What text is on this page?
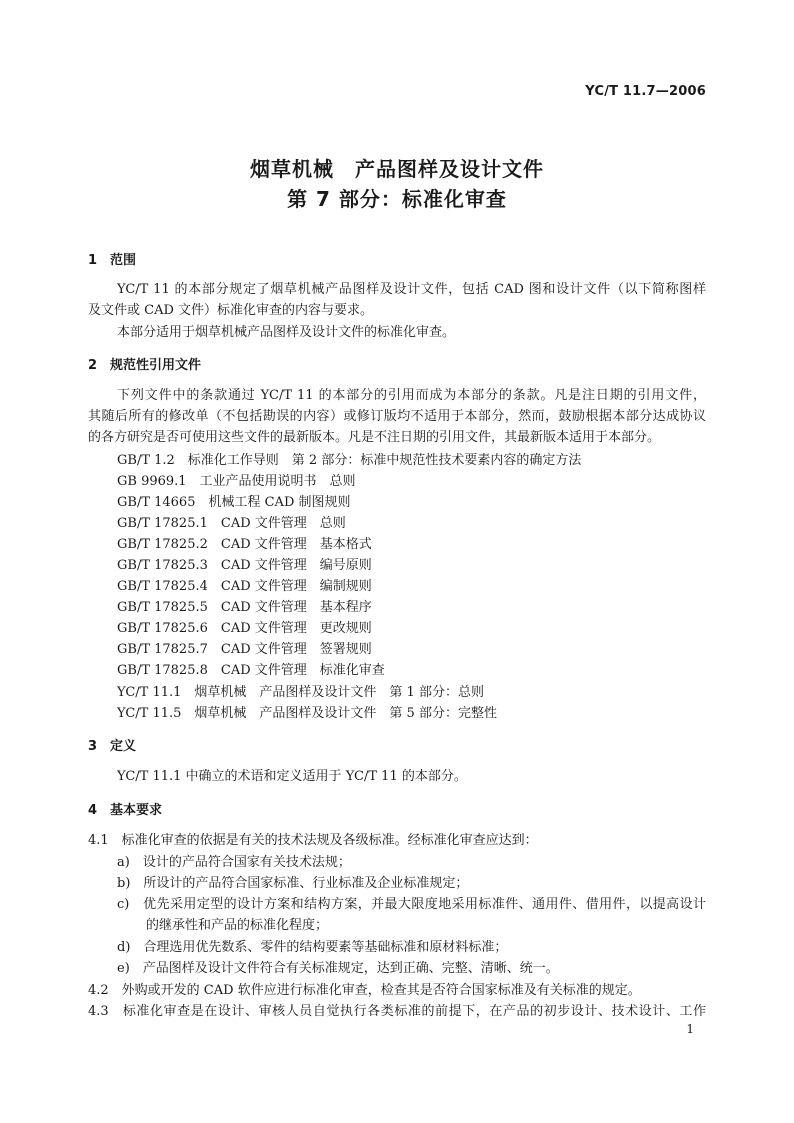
YC/T 11.7—2006
烟草机械　产品图样及设计文件
第 7 部分：标准化审查
1　范围
YC/T 11 的本部分规定了烟草机械产品图样及设计文件，包括 CAD 图和设计文件（以下简称图样
及文件或 CAD 文件）标准化审查的内容与要求。
本部分适用于烟草机械产品图样及设计文件的标准化审查。
2　规范性引用文件
下列文件中的条款通过 YC/T 11 的本部分的引用而成为本部分的条款。凡是注日期的引用文件，
其随后所有的修改单（不包括勘误的内容）或修订版均不适用于本部分，然而，鼓励根据本部分达成协议
的各方研究是否可使用这些文件的最新版本。凡是不注日期的引用文件，其最新版本适用于本部分。
GB/T 1.2　标准化工作导则　第 2 部分：标准中规范性技术要素内容的确定方法
GB 9969.1　工业产品使用说明书　总则
GB/T 14665　机械工程 CAD 制图规则
GB/T 17825.1　CAD 文件管理　总则
GB/T 17825.2　CAD 文件管理　基本格式
GB/T 17825.3　CAD 文件管理　编号原则
GB/T 17825.4　CAD 文件管理　编制规则
GB/T 17825.5　CAD 文件管理　基本程序
GB/T 17825.6　CAD 文件管理　更改规则
GB/T 17825.7　CAD 文件管理　签署规则
GB/T 17825.8　CAD 文件管理　标准化审查
YC/T 11.1　烟草机械　产品图样及设计文件　第 1 部分：总则
YC/T 11.5　烟草机械　产品图样及设计文件　第 5 部分：完整性
3　定义
YC/T 11.1 中确立的术语和定义适用于 YC/T 11 的本部分。
4　基本要求
4.1　标准化审查的依据是有关的技术法规及各级标准。经标准化审查应达到：
a)　设计的产品符合国家有关技术法规；
b)　所设计的产品符合国家标准、行业标准及企业标准规定；
c)　优先采用定型的设计方案和结构方案，并最大限度地采用标准件、通用件、借用件，以提高设计
的继承性和产品的标准化程度；
d)　合理选用优先数系、零件的结构要素等基础标准和原材料标准；
e)　产品图样及设计文件符合有关标准规定，达到正确、完整、清晰、统一。
4.2　外购或开发的 CAD 软件应进行标准化审查，检查其是否符合国家标准及有关标准的规定。
4.3　标准化审查是在设计、审核人员自觉执行各类标准的前提下，在产品的初步设计、技术设计、工作
1
